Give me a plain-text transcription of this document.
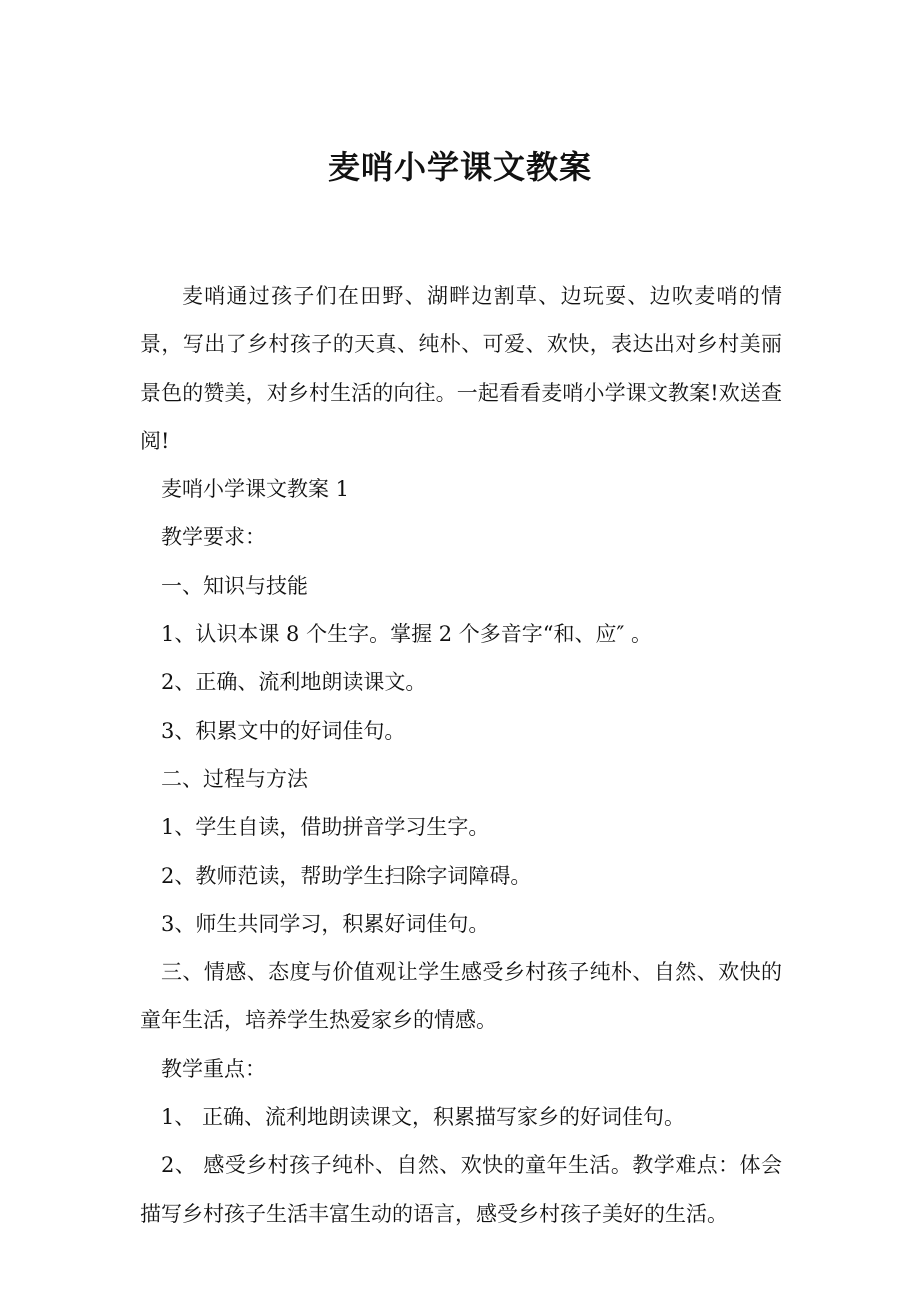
麦哨小学课文教案

麦哨通过孩子们在田野、湖畔边割草、边玩耍、边吹麦哨的情景，写出了乡村孩子的天真、纯朴、可爱、欢快，表达出对乡村美丽景色的赞美，对乡村生活的向往。一起看看麦哨小学课文教案!欢送查阅!

麦哨小学课文教案 1

教学要求：

一、知识与技能

1、认识本课 8 个生字。掌握 2 个多音字“和、应″ 。

2、正确、流利地朗读课文。

3、积累文中的好词佳句。

二、过程与方法

1、学生自读，借助拼音学习生字。

2、教师范读，帮助学生扫除字词障碍。

3、师生共同学习，积累好词佳句。

三、情感、态度与价值观让学生感受乡村孩子纯朴、自然、欢快的童年生活，培养学生热爱家乡的情感。

教学重点：

1、 正确、流利地朗读课文，积累描写家乡的好词佳句。

2、 感受乡村孩子纯朴、自然、欢快的童年生活。教学难点：体会描写乡村孩子生活丰富生动的语言，感受乡村孩子美好的生活。
